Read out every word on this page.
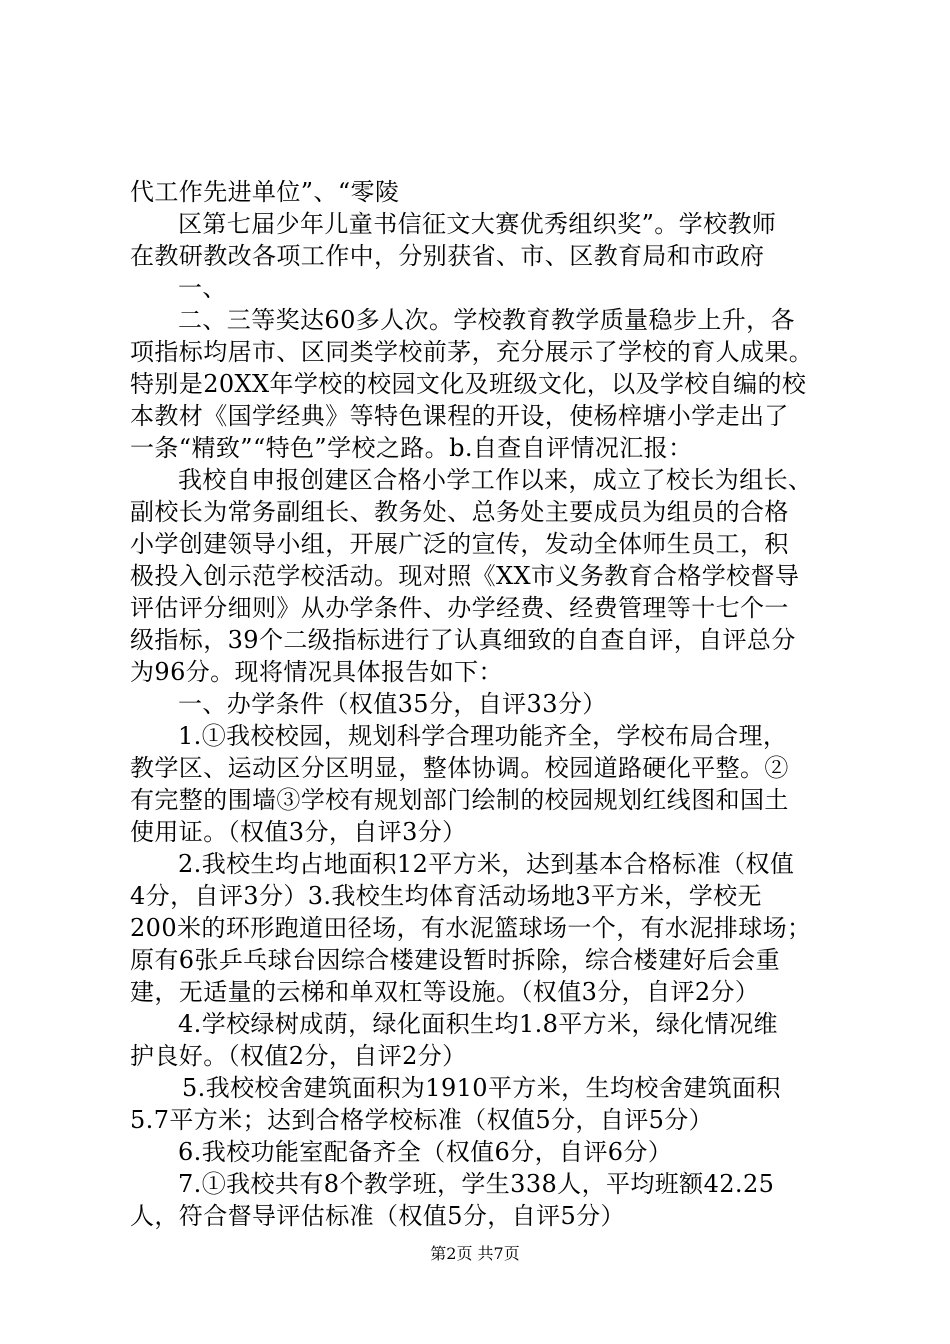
代工作先进单位”、“零陵
区第七届少年儿童书信征文大赛优秀组织奖”。学校教师
在教研教改各项工作中，分别获省、市、区教育局和市政府
一、
二、三等奖达60多人次。学校教育教学质量稳步上升，各
项指标均居市、区同类学校前茅，充分展示了学校的育人成果。
特别是20XX年学校的校园文化及班级文化，以及学校自编的校
本教材《国学经典》等特色课程的开设，使杨梓塘小学走出了
一条“精致”“特色”学校之路。b.自查自评情况汇报：
我校自申报创建区合格小学工作以来，成立了校长为组长、
副校长为常务副组长、教务处、总务处主要成员为组员的合格
小学创建领导小组，开展广泛的宣传，发动全体师生员工，积
极投入创示范学校活动。现对照《XX市义务教育合格学校督导
评估评分细则》从办学条件、办学经费、经费管理等十七个一
级指标，39个二级指标进行了认真细致的自查自评，自评总分
为96分。现将情况具体报告如下：
一、办学条件（权值35分，自评33分）
1.①我校校园，规划科学合理功能齐全，学校布局合理，
教学区、运动区分区明显，整体协调。校园道路硬化平整。②
有完整的围墙③学校有规划部门绘制的校园规划红线图和国土
使用证。（权值3分，自评3分）
2.我校生均占地面积12平方米，达到基本合格标准（权值
4分，自评3分）3.我校生均体育活动场地3平方米，学校无
200米的环形跑道田径场，有水泥篮球场一个，有水泥排球场；
原有6张乒乓球台因综合楼建设暂时拆除，综合楼建好后会重
建，无适量的云梯和单双杠等设施。（权值3分，自评2分）
4.学校绿树成荫，绿化面积生均1.8平方米，绿化情况维
护良好。（权值2分，自评2分）
5.我校校舍建筑面积为1910平方米，生均校舍建筑面积
5.7平方米；达到合格学校标准（权值5分，自评5分）
6.我校功能室配备齐全（权值6分，自评6分）
7.①我校共有8个教学班，学生338人，平均班额42.25
人，符合督导评估标准（权值5分，自评5分）
第2页 共7页
